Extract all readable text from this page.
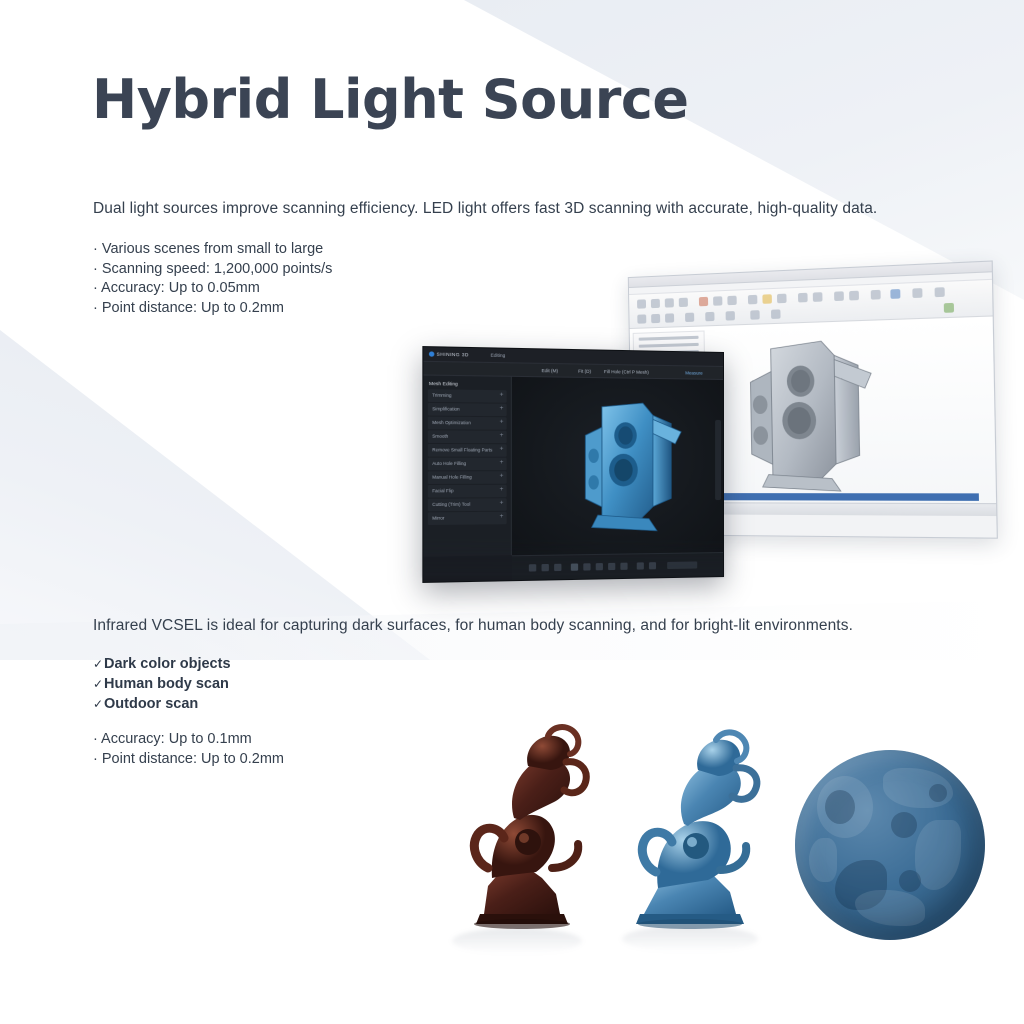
Hybrid Light Source
Dual light sources improve scanning efficiency. LED light offers fast 3D scanning with accurate, high-quality data.
· Various scenes from small to large
· Scanning speed: 1,200,000 points/s
· Accuracy: Up to 0.05mm
· Point distance: Up to 0.2mm
SHINING 3D	Editing
Edit (M)	Fit (D)	Fill Hole (Ctrl P Mesh)	Measure
Mesh Editing
Trimming	+
Simplification	+
Mesh Optimization	+
Smooth	+
Remove Small Floating Parts +
Auto Hole Filling	+
Manual Hole Filling	+
Facial Flip	+
Cutting (Trim) Tool	+
Mirror	+
Infrared VCSEL is ideal for capturing dark surfaces, for human body scanning, and for bright-lit environments.
✓Dark color objects
✓Human body scan
✓Outdoor scan
· Accuracy: Up to 0.1mm
· Point distance: Up to 0.2mm
